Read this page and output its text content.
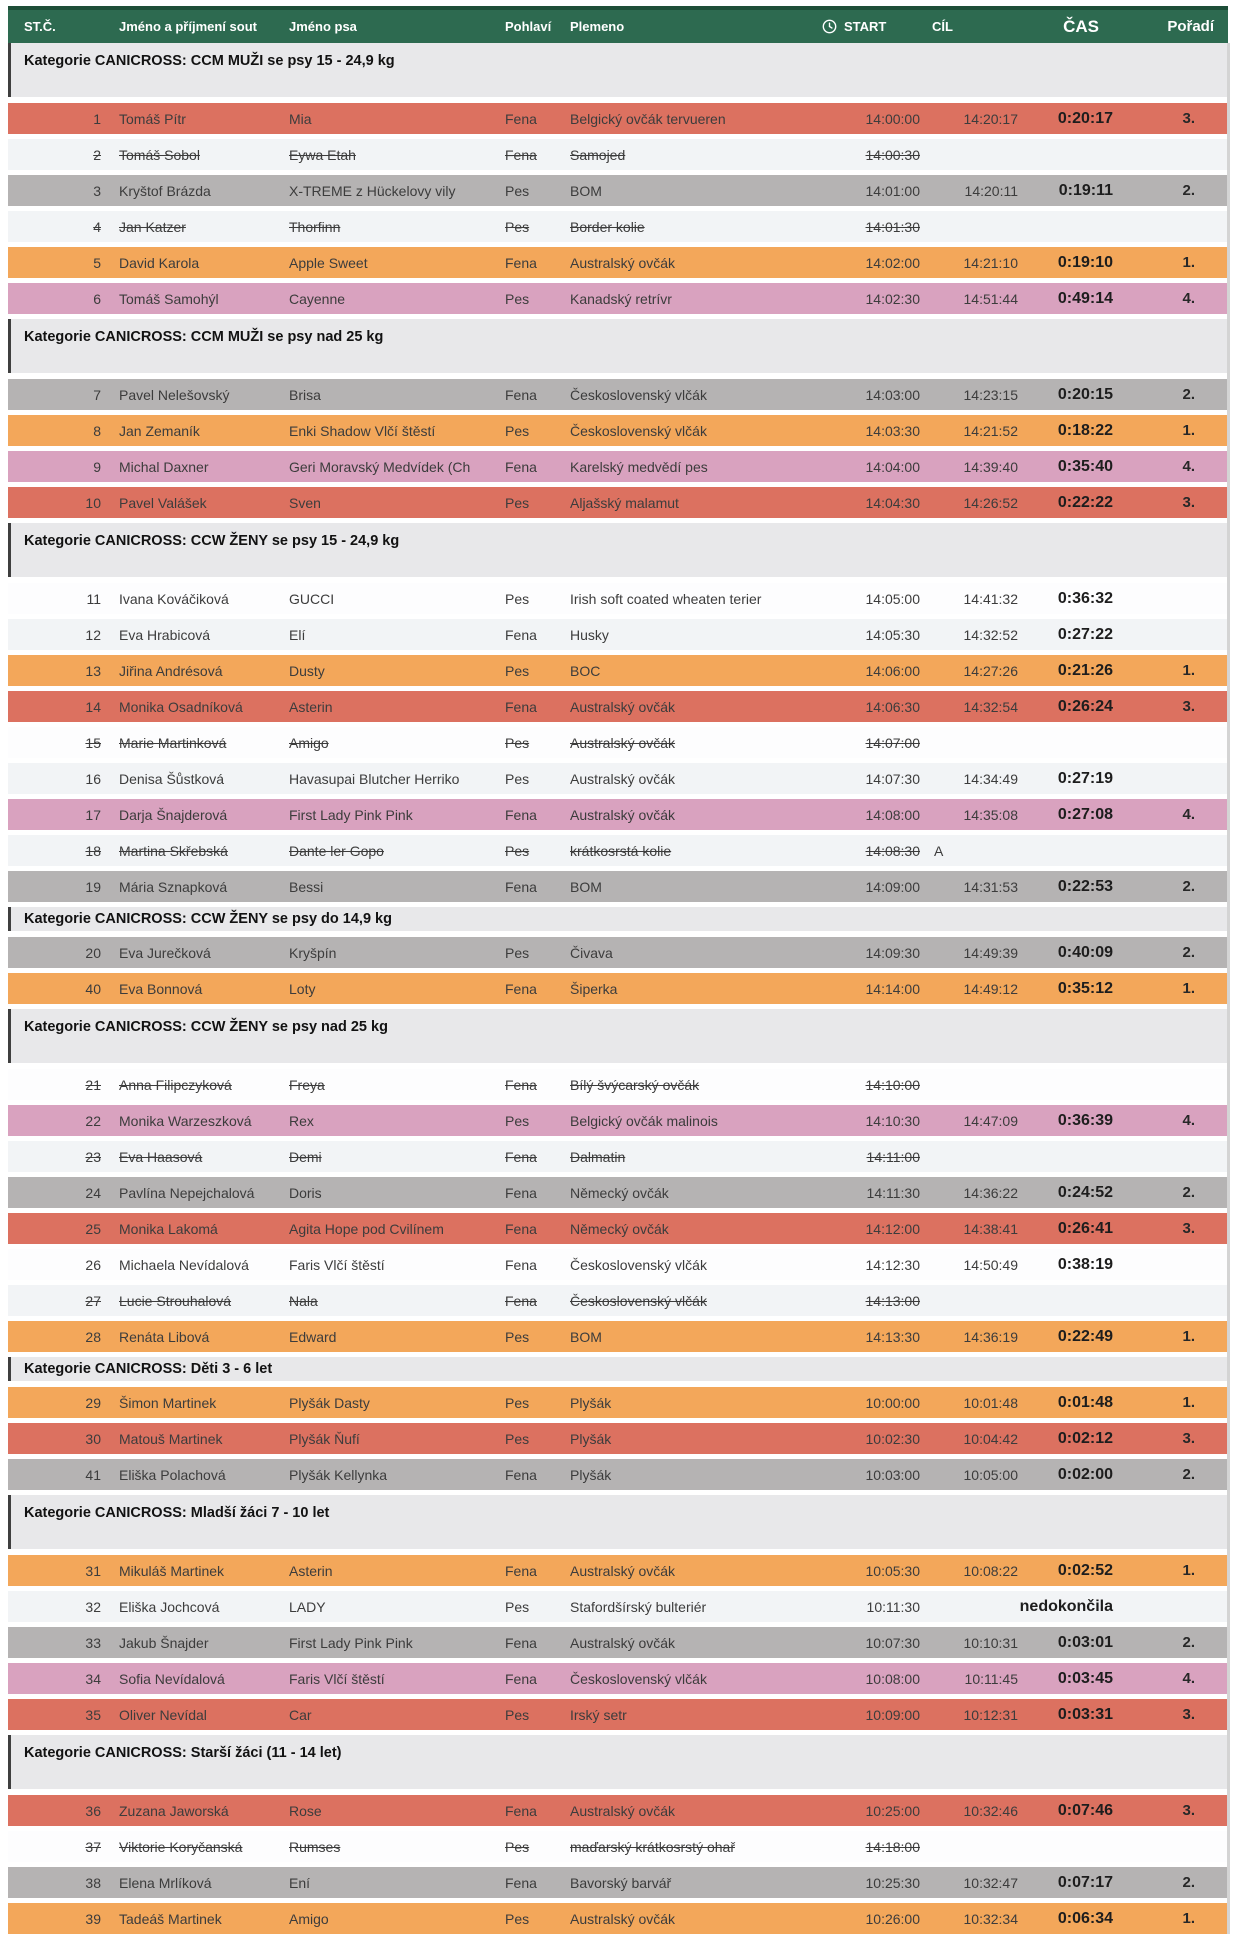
ST.Č.	Jméno a příjmení sout	Jméno psa	Pohlaví	Plemeno	START	CÍL	ČAS	Pořadí
Kategorie CANICROSS: CCM MUŽI se psy 15 - 24,9 kg
1	Tomáš Pítr	Mia	Fena	Belgický ovčák tervueren	14:00:00	14:20:17	0:20:17	3.
2	Tomáš Sobol	Eywa Etah	Fena	Samojed	14:00:30
3	Kryštof Brázda	X-TREME z Hückelovy vily	Pes	BOM	14:01:00	14:20:11	0:19:11	2.
4	Jan Katzer	Thorfinn	Pes	Border kolie	14:01:30
5	David Karola	Apple Sweet	Fena	Australský ovčák	14:02:00	14:21:10	0:19:10	1.
6	Tomáš Samohýl	Cayenne	Pes	Kanadský retrívr	14:02:30	14:51:44	0:49:14	4.
Kategorie CANICROSS: CCM MUŽI se psy nad 25 kg
7	Pavel Nelešovský	Brisa	Fena	Československý vlčák	14:03:00	14:23:15	0:20:15	2.
8	Jan Zemaník	Enki Shadow Vlčí štěstí	Pes	Československý vlčák	14:03:30	14:21:52	0:18:22	1.
9	Michal Daxner	Geri Moravský Medvídek (Ch	Fena	Karelský medvědí pes	14:04:00	14:39:40	0:35:40	4.
10	Pavel Valášek	Sven	Pes	Aljašský malamut	14:04:30	14:26:52	0:22:22	3.
Kategorie CANICROSS: CCW ŽENY se psy 15 - 24,9 kg
11	Ivana Kováčiková	GUCCI	Pes	Irish soft coated wheaten terier	14:05:00	14:41:32	0:36:32
12	Eva Hrabicová	Elí	Fena	Husky	14:05:30	14:32:52	0:27:22
13	Jiřina Andrésová	Dusty	Pes	BOC	14:06:00	14:27:26	0:21:26	1.
14	Monika Osadníková	Asterin	Fena	Australský ovčák	14:06:30	14:32:54	0:26:24	3.
15	Marie Martinková	Amigo	Pes	Australský ovčák	14:07:00
16	Denisa Šůstková	Havasupai Blutcher Herriko	Pes	Australský ovčák	14:07:30	14:34:49	0:27:19
17	Darja Šnajderová	First Lady Pink Pink	Fena	Australský ovčák	14:08:00	14:35:08	0:27:08	4.
18	Martina Skřebská	Dante ler Gopo	Pes	krátkosrstá kolie	14:08:30	A
19	Mária Sznapková	Bessi	Fena	BOM	14:09:00	14:31:53	0:22:53	2.
Kategorie CANICROSS: CCW ŽENY se psy do 14,9 kg
20	Eva Jurečková	Kryšpín	Pes	Čivava	14:09:30	14:49:39	0:40:09	2.
40	Eva Bonnová	Loty	Fena	Šiperka	14:14:00	14:49:12	0:35:12	1.
Kategorie CANICROSS: CCW ŽENY se psy nad 25 kg
21	Anna Filipczyková	Freya	Fena	Bílý švýcarský ovčák	14:10:00
22	Monika Warzeszková	Rex	Pes	Belgický ovčák malinois	14:10:30	14:47:09	0:36:39	4.
23	Eva Haasová	Demi	Fena	Dalmatin	14:11:00
24	Pavlína Nepejchalová	Doris	Fena	Německý ovčák	14:11:30	14:36:22	0:24:52	2.
25	Monika Lakomá	Agita Hope pod Cvilínem	Fena	Německý ovčák	14:12:00	14:38:41	0:26:41	3.
26	Michaela Nevídalová	Faris Vlčí štěstí	Fena	Československý vlčák	14:12:30	14:50:49	0:38:19
27	Lucie Strouhalová	Nala	Fena	Československý vlčák	14:13:00
28	Renáta Libová	Edward	Pes	BOM	14:13:30	14:36:19	0:22:49	1.
Kategorie CANICROSS: Děti 3 - 6 let
29	Šimon Martinek	Plyšák Dasty	Pes	Plyšák	10:00:00	10:01:48	0:01:48	1.
30	Matouš Martinek	Plyšák Ňufí	Pes	Plyšák	10:02:30	10:04:42	0:02:12	3.
41	Eliška Polachová	Plyšák Kellynka	Fena	Plyšák	10:03:00	10:05:00	0:02:00	2.
Kategorie CANICROSS: Mladší žáci 7 - 10 let
31	Mikuláš Martinek	Asterin	Fena	Australský ovčák	10:05:30	10:08:22	0:02:52	1.
32	Eliška Jochcová	LADY	Pes	Stafordšírský bulteriér	10:11:30	nedokončila
33	Jakub Šnajder	First Lady Pink Pink	Fena	Australský ovčák	10:07:30	10:10:31	0:03:01	2.
34	Sofia Nevídalová	Faris Vlčí štěstí	Fena	Československý vlčák	10:08:00	10:11:45	0:03:45	4.
35	Oliver Nevídal	Car	Pes	Irský setr	10:09:00	10:12:31	0:03:31	3.
Kategorie CANICROSS: Starší žáci (11 - 14 let)
36	Zuzana Jaworská	Rose	Fena	Australský ovčák	10:25:00	10:32:46	0:07:46	3.
37	Viktorie Koryčanská	Rumses	Pes	maďarský krátkosrstý ohař	14:18:00
38	Elena Mrlíková	Ení	Fena	Bavorský barvář	10:25:30	10:32:47	0:07:17	2.
39	Tadeáš Martinek	Amigo	Pes	Australský ovčák	10:26:00	10:32:34	0:06:34	1.
